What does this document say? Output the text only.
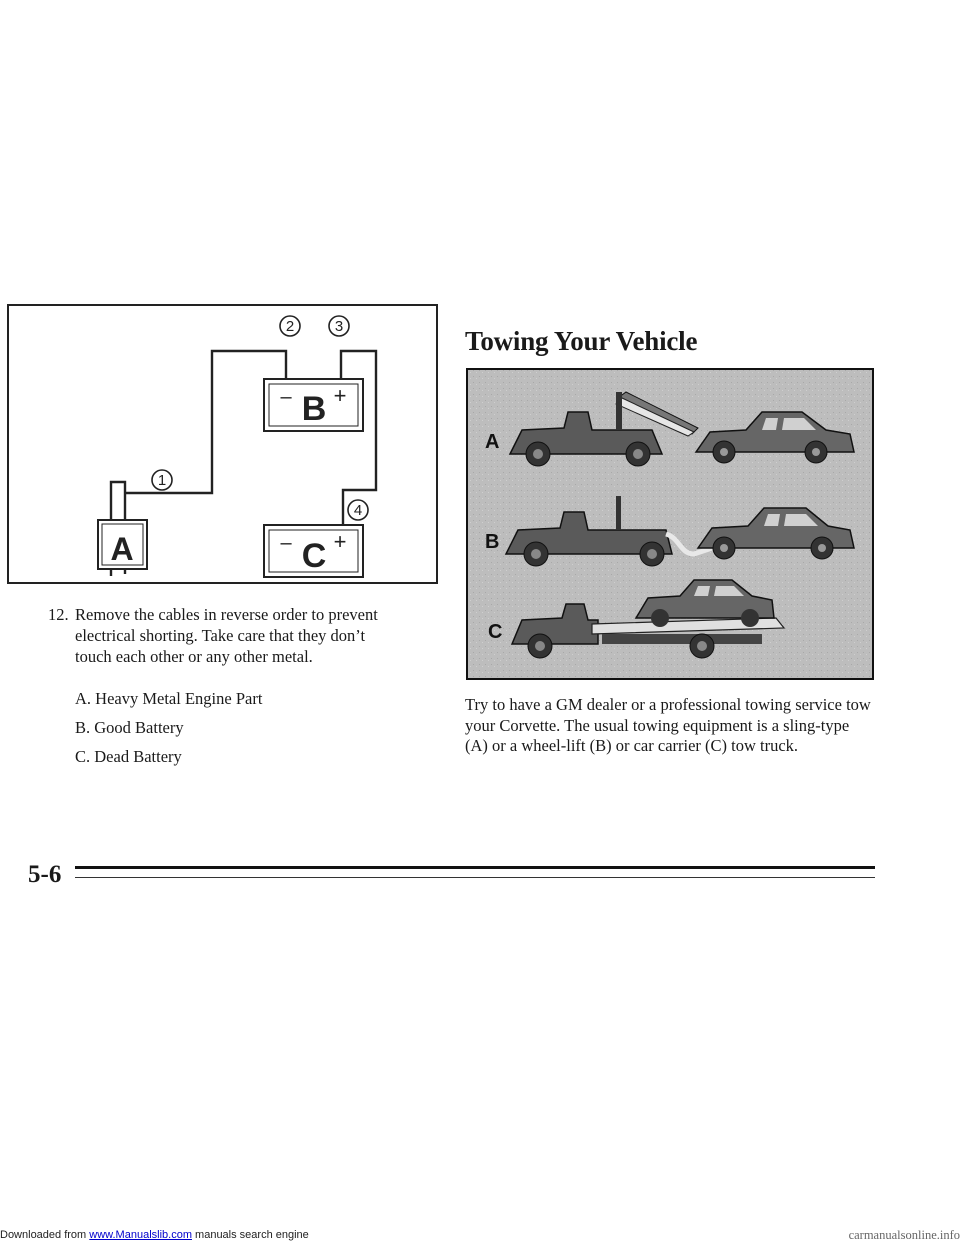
A
B
– +
C
– +
1
2	3
4
12. Remove the cables in reverse order to prevent electrical shorting. Take care that they don’t touch each other or any other metal.
A. Heavy Metal Engine Part
B. Good Battery
C. Dead Battery
Towing Your Vehicle
A
B
C
Try to have a GM dealer or a professional towing service tow your Corvette. The usual towing equipment is a sling-type (A) or a wheel-lift (B) or car carrier (C) tow truck.
5-6
Downloaded from www.Manualslib.com manuals search engine	carmanualsonline.info
